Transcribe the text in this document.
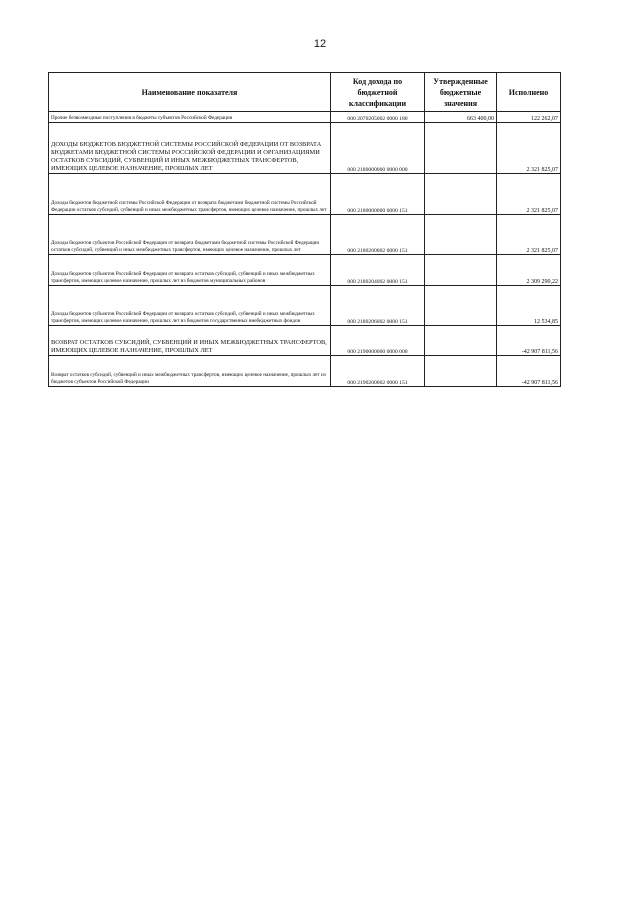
12
Наименование показателя	Код дохода по бюджетной классификации	Утвержденные бюджетные значения	Исполнено
Прочие безвозмездные поступления в бюджеты субъектов Российской Федерации	000 2070205002 0000 180	663 400,00	122 262,07
ДОХОДЫ БЮДЖЕТОВ БЮДЖЕТНОЙ СИСТЕМЫ РОССИЙСКОЙ ФЕДЕРАЦИИ ОТ ВОЗВРАТА БЮДЖЕТАМИ БЮДЖЕТНОЙ СИСТЕМЫ РОССИЙСКОЙ ФЕДЕРАЦИИ И ОРГАНИЗАЦИЯМИ ОСТАТКОВ СУБСИДИЙ, СУБВЕНЦИЙ И ИНЫХ МЕЖБЮДЖЕТНЫХ ТРАНСФЕРТОВ, ИМЕЮЩИХ ЦЕЛЕВОЕ НАЗНАЧЕНИЕ, ПРОШЛЫХ ЛЕТ	000 2180000000 0000 000		2 321 825,07
Доходы бюджетов бюджетной системы Российской Федерации от возврата бюджетами бюджетной системы Российской Федерации остатков субсидий, субвенций и иных межбюджетных трансфертов, имеющих целевое назначение, прошлых лет	000 2180000000 0000 151		2 321 825,07
Доходы бюджетов субъектов Российской Федерации от возврата бюджетами бюджетной системы Российской Федерации остатков субсидий, субвенций и иных межбюджетных трансфертов, имеющих целевое назначение, прошлых лет	000 2180200002 0000 151		2 321 825,07
Доходы бюджетов субъектов Российской Федерации от возврата остатков субсидий, субвенций и иных межбюджетных трансфертов, имеющих целевое назначение, прошлых лет из бюджетов муниципальных районов	000 2180204002 0000 151		2 309 290,22
Доходы бюджетов субъектов Российской Федерации от возврата остатков субсидий, субвенций и иных межбюджетных трансфертов, имеющих целевое назначение, прошлых лет из бюджетов государственных внебюджетных фондов	000 2180206002 0000 151		12 534,85
ВОЗВРАТ ОСТАТКОВ СУБСИДИЙ, СУБВЕНЦИЙ И ИНЫХ МЕЖБЮДЖЕТНЫХ ТРАНСФЕРТОВ, ИМЕЮЩИХ ЦЕЛЕВОЕ НАЗНАЧЕНИЕ, ПРОШЛЫХ ЛЕТ	000 2190000000 0000 000		-42 907 811,56
Возврат остатков субсидий, субвенций и иных межбюджетных трансфертов, имеющих целевое назначение, прошлых лет из бюджетов субъектов Российской Федерации	000 2190200002 0000 151		-42 907 811,56
